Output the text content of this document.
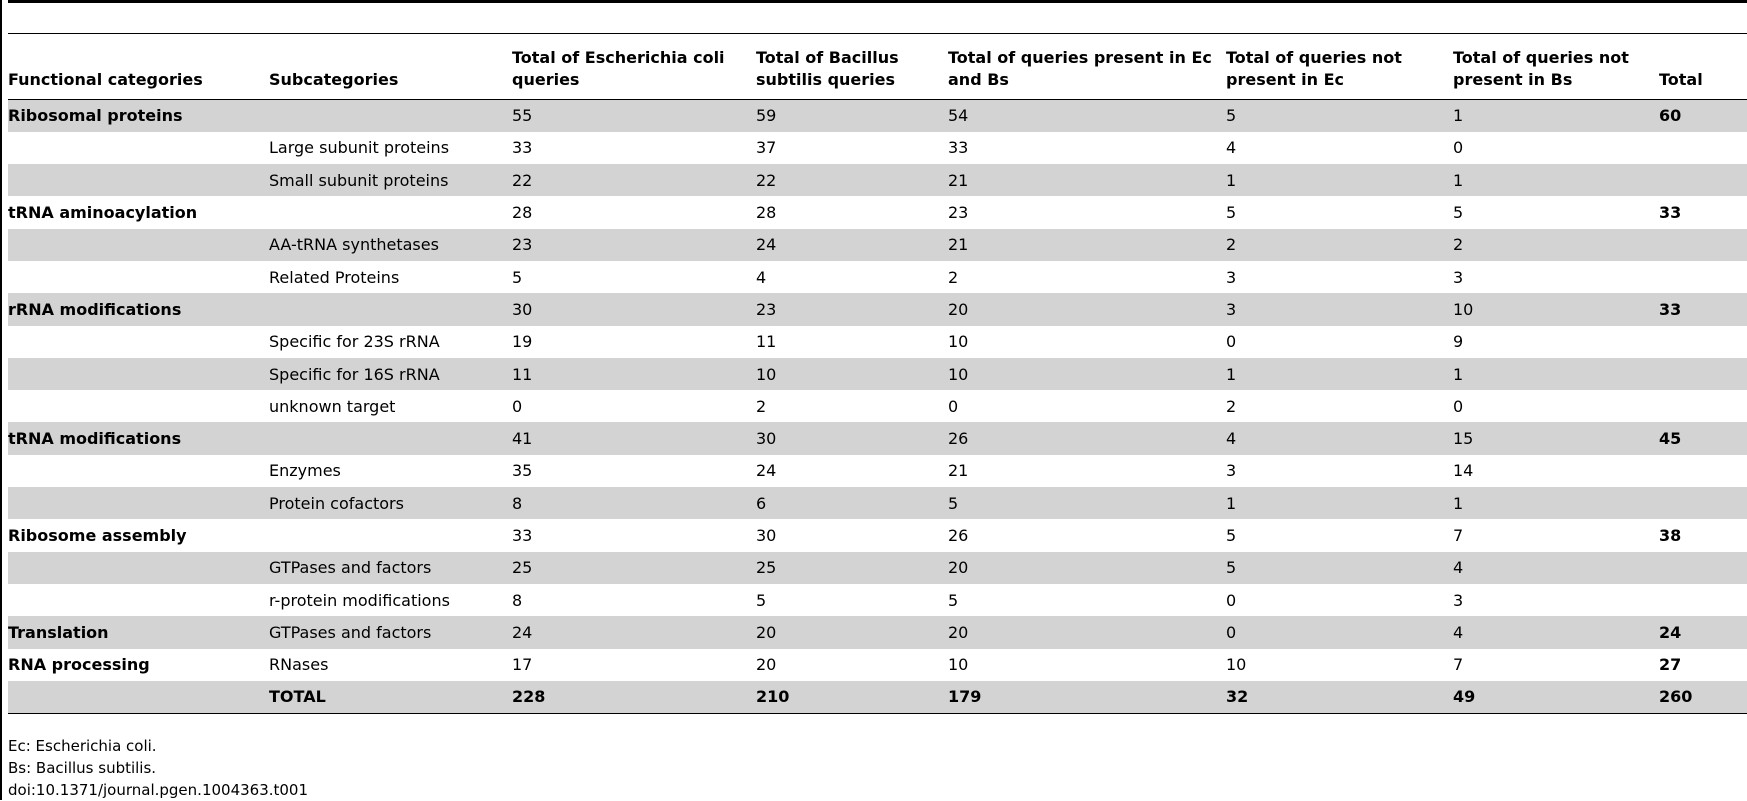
Functional categories	Subcategories	Total of Escherichia coli queries	Total of Bacillus subtilis queries	Total of queries present in Ec and Bs	Total of queries not present in Ec	Total of queries not present in Bs	Total
Ribosomal proteins		55	59	54	5	1	60
	Large subunit proteins	33	37	33	4	0	
	Small subunit proteins	22	22	21	1	1	
tRNA aminoacylation		28	28	23	5	5	33
	AA-tRNA synthetases	23	24	21	2	2	
	Related Proteins	5	4	2	3	3	
rRNA modifications		30	23	20	3	10	33
	Specific for 23S rRNA	19	11	10	0	9	
	Specific for 16S rRNA	11	10	10	1	1	
	unknown target	0	2	0	2	0	
tRNA modifications		41	30	26	4	15	45
	Enzymes	35	24	21	3	14	
	Protein cofactors	8	6	5	1	1	
Ribosome assembly		33	30	26	5	7	38
	GTPases and factors	25	25	20	5	4	
	r-protein modifications	8	5	5	0	3	
Translation	GTPases and factors	24	20	20	0	4	24
RNA processing	RNases	17	20	10	10	7	27
	TOTAL	228	210	179	32	49	260
Ec: Escherichia coli.
Bs: Bacillus subtilis.
doi:10.1371/journal.pgen.1004363.t001
